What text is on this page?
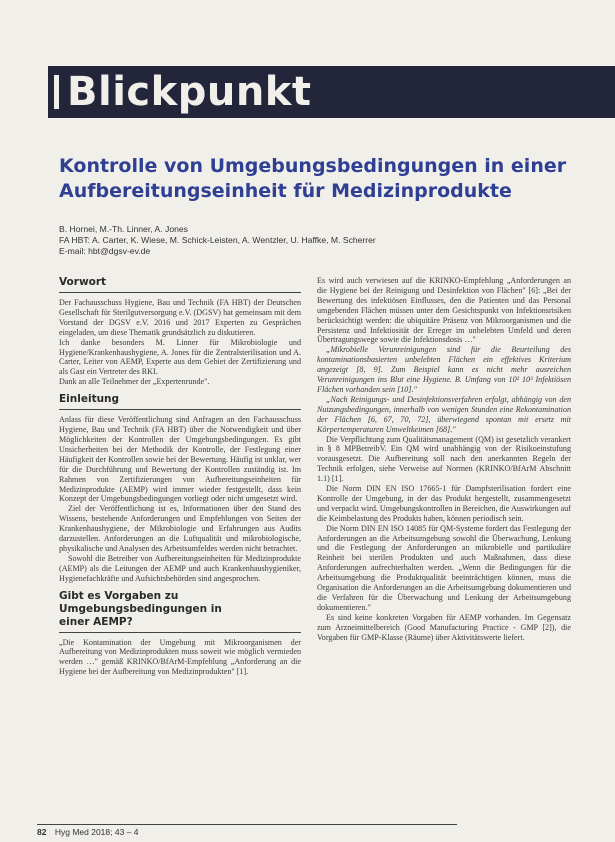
Blickpunkt
Kontrolle von Umgebungsbedingungen in einer
Aufbereitungseinheit für Medizinprodukte
B. Hornei, M.-Th. Linner, A. Jones
FA HBT: A. Carter, K. Wiese, M. Schick-Leisten, A. Wentzler, U. Haffke, M. Scherrer
E-mail: hbt@dgsv-ev.de
Vorwort

Der Fachausschuss Hygiene, Bau und Technik (FA HBT) der Deutschen Gesellschaft für Sterilgutversorgung e.V. (DGSV) hat gemeinsam mit dem Vorstand der DGSV e.V. 2016 und 2017 Experten zu Gesprächen eingeladen, um diese Thematik grundsätzlich zu diskutieren.

Ich danke besonders M. Linner für Mikrobiologie und Hygiene/Krankenhaushygiene, A. Jones für die Zentralsterilisation und A. Carter, Leiter von AEMP, Experte aus dem Gebiet der Zertifizierung und als Gast ein Vertreter des RKI.

Dank an alle Teilnehmer der „Expertenrunde".

Einleitung

Anlass für diese Veröffentlichung sind Anfragen an den Fachausschuss Hygiene, Bau und Technik (FA HBT) über die Notwendigkeit und über Möglichkeiten der Kontrollen der Umgebungsbedingungen. Es gibt Unsicherheiten bei der Methodik der Kontrolle, der Festlegung einer Häufigkeit der Kontrollen sowie bei der Bewertung. Häufig ist unklar, wer für die Durchführung und Bewertung der Kontrollen zuständig ist. Im Rahmen von Zertifizierungen von Aufbereitungseinheiten für Medizinprodukte (AEMP) wird immer wieder festgestellt, dass kein Konzept der Umgebungsbedingungen vorliegt oder nicht umgesetzt wird.

Ziel der Veröffentlichung ist es, Informationen über den Stand des Wissens, bestehende Anforderungen und Empfehlungen von Seiten der Krankenhaushygiene, der Mikrobiologie und Erfahrungen aus Audits darzustellen. Anforderungen an die Luftqualität und mikrobiologische, physikalische und Analysen des Arbeitsumfeldes werden nicht betrachtet.

Sowohl die Betreiber von Aufbereitungseinheiten für Medizinprodukte (AEMP) als die Leitungen der AEMP und auch Krankenhaushygieniker, Hygienefachkräfte und Aufsichtsbehörden sind angesprochen.

Gibt es Vorgaben zu Umgebungsbedingungen in
einer AEMP?

„Die Kontamination der Umgebung mit Mikroorganismen der Aufbereitung von Medizinprodukten muss soweit wie möglich vermieden werden …" gemäß KRINKO/BfArM-Empfehlung „Anforderung an die Hygiene bei der Aufbereitung von Medizinprodukten" [1].

Es wird auch verwiesen auf die KRINKO-Empfehlung „Anforderungen an die Hygiene bei der Reinigung und Desinfektion von Flächen" [6]: „Bei der Bewertung des infektiösen Einflusses, den die Patienten und das Personal umgebenden Flächen müssen unter dem Gesichtspunkt von Infektionsrisiken berücksichtigt werden: die ubiquitäre Präsenz von Mikroorganismen und die Persistenz und Infektiosität der Erreger im unbelebten Umfeld und deren Übertragungswege sowie die Infektionsdosis …"

„Mikrobielle Verunreinigungen sind für die Beurteilung des kontaminationsbasierten unbelebten Flächen ein effektives Kriterium angezeigt [8, 9]. Zum Beispiel kann es nicht mehr ausreichen Verunreinigungen ins Blut eine Hygiene. B. Umfang von 10² 10³ Infektiösen Flächen vorhanden sein [10]."

„Nach Reinigungs- und Desinfektionsverfahren erfolgt, abhängig von den Nutzungsbedingungen, innerhalb von wenigen Stunden eine Rekontamination der Flächen [6, 67, 70, 72], überwiegend spontan mit ersetz mit Körpertemperaturen Umweltkeimen [68]."

Die Verpflichtung zum Qualitätsmanagement (QM) ist gesetzlich verankert in § 8 MPBetreibV. Ein QM wird unabhängig von der Risikoeinstufung vorausgesetzt. Die Aufbereitung soll nach den anerkannten Regeln der Technik erfolgen, siehe Verweise auf Normen (KRINKO/BfArM Abschnitt 1.1) [1].

Die Norm DIN EN ISO 17665-1 für Dampfsterilisation fordert eine Kontrolle der Umgebung, in der das Produkt hergestellt, zusammengesetzt und verpackt wird. Umgebungskontrollen in Bereichen, die Auswirkungen auf die Keimbelastung des Produkts haben, können periodisch sein.

Die Norm DIN EN ISO 14085 für QM-Systeme fordert das Festlegung der Anforderungen an die Arbeitsumgebung sowohl die Überwachung, Lenkung und die Festlegung der Anforderungen an mikrobielle und partikuläre Reinheit bei sterilen Produkten und auch Maßnahmen, dass diese Anforderungen aufrechterhalten werden. „Wenn die Bedingungen für die Arbeitsumgebung die Produktqualität beeinträchtigen können, muss die Organisation die Anforderungen an die Arbeitsumgebung dokumentieren und die Verfahren für die Überwachung und Lenkung der Arbeitsumgebung dokumentieren."

Es sind keine konkreten Vorgaben für AEMP vorhanden. Im Gegensatz zum Arzneimittelbereich (Good Manufacturing Practice - GMP [2]), die Vorgaben für GMP-Klasse (Räume) über Aktivitätswerte liefert.

82 Hyg Med 2018; 43 – 4
